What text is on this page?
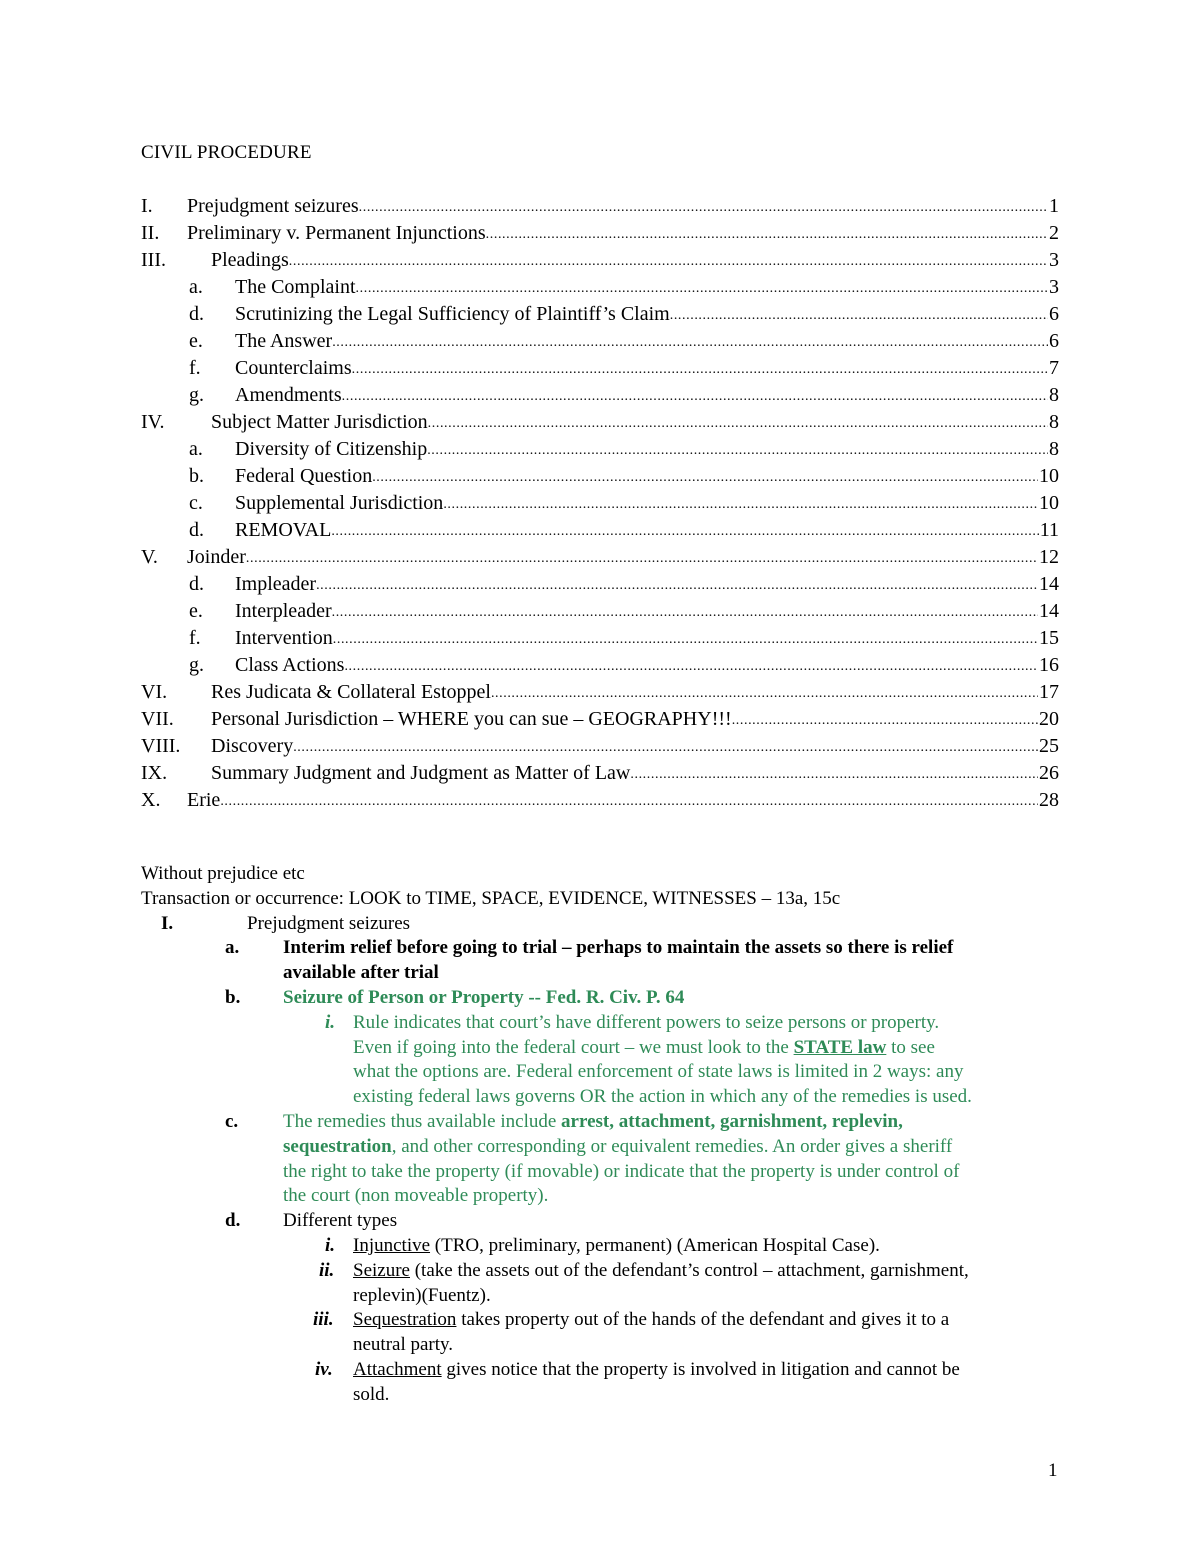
CIVIL PROCEDURE
I.	Prejudgment seizures .....	1
II.	Preliminary v. Permanent Injunctions .....	2
III.	Pleadings .....	3
a.	The Complaint .....	3
d.	Scrutinizing the Legal Sufficiency of Plaintiff’s Claim .....	6
e.	The Answer .....	6
f.	Counterclaims .....	7
g.	Amendments .....	8
IV.	Subject Matter Jurisdiction .....	8
a.	Diversity of Citizenship .....	8
b.	Federal Question .....	10
c.	Supplemental Jurisdiction .....	10
d.	REMOVAL .....	11
V.	Joinder .....	12
d.	Impleader .....	14
e.	Interpleader .....	14
f.	Intervention .....	15
g.	Class Actions .....	16
VI.	Res Judicata & Collateral Estoppel .....	17
VII.	Personal Jurisdiction – WHERE you can sue – GEOGRAPHY!!! .....	20
VIII.	Discovery .....	25
IX.	Summary Judgment and Judgment as Matter of Law .....	26
X.	Erie .....	28

Without prejudice etc

Transaction or occurrence: LOOK to TIME, SPACE, EVIDENCE, WITNESSES – 13a, 15c

I.	Prejudgment seizures
a.	Interim relief before going to trial – perhaps to maintain the assets so there is relief
available after trial
b. Seizure of Person or Property -- Fed. R. Civ. P. 64
i. Rule indicates that court’s have different powers to seize persons or property.
Even if going into the federal court – we must look to the STATE law to see
what the options are. Federal enforcement of state laws is limited in 2 ways: any
existing federal laws governs OR the action in which any of the remedies is used.
c.	The remedies thus available include arrest, attachment, garnishment, replevin,
sequestration, and other corresponding or equivalent remedies. An order gives a sheriff
the right to take the property (if movable) or indicate that the property is under control of
the court (non moveable property).
d. Different types
i. Injunctive (TRO, preliminary, permanent) (American Hospital Case).
ii. Seizure (take the assets out of the defendant’s control – attachment, garnishment,
replevin)(Fuentz).
iii.	Sequestration takes property out of the hands of the defendant and gives it to a
neutral party.
iv.	Attachment gives notice that the property is involved in litigation and cannot be
sold.
1
